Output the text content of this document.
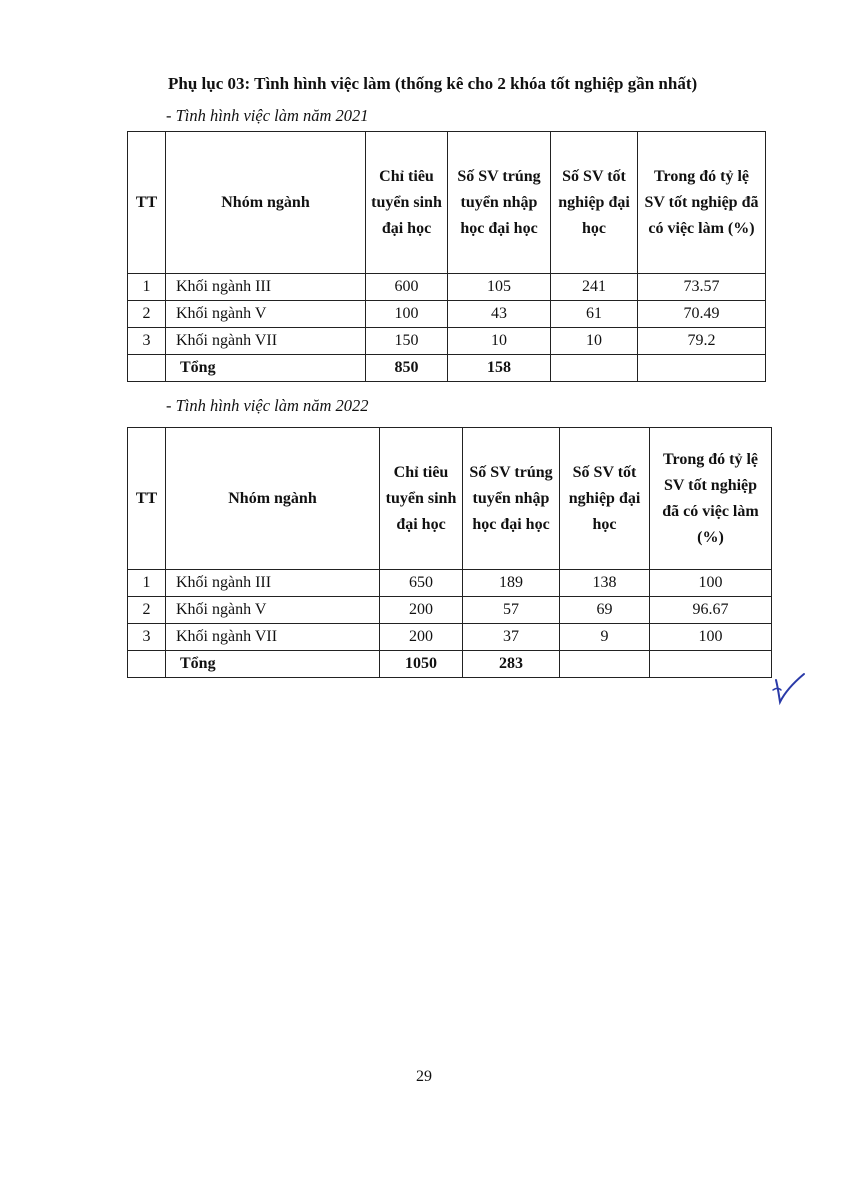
Phụ lục 03: Tình hình việc làm (thống kê cho 2 khóa tốt nghiệp gần nhất)
- Tình hình việc làm năm 2021
TT	Nhóm ngành	Chỉ tiêu tuyển sinh đại học	Số SV trúng tuyển nhập học đại học	Số SV tốt nghiệp đại học	Trong đó tỷ lệ SV tốt nghiệp đã có việc làm (%)
1	Khối ngành III	600	105	241	73.57
2	Khối ngành V	100	43	61	70.49
3	Khối ngành VII	150	10	10	79.2
	Tổng	850	158		
- Tình hình việc làm năm 2022
TT	Nhóm ngành	Chỉ tiêu tuyển sinh đại học	Số SV trúng tuyển nhập học đại học	Số SV tốt nghiệp đại học	Trong đó tỷ lệ SV tốt nghiệp đã có việc làm (%)
1	Khối ngành III	650	189	138	100
2	Khối ngành V	200	57	69	96.67
3	Khối ngành VII	200	37	9	100
	Tổng	1050	283		
29
